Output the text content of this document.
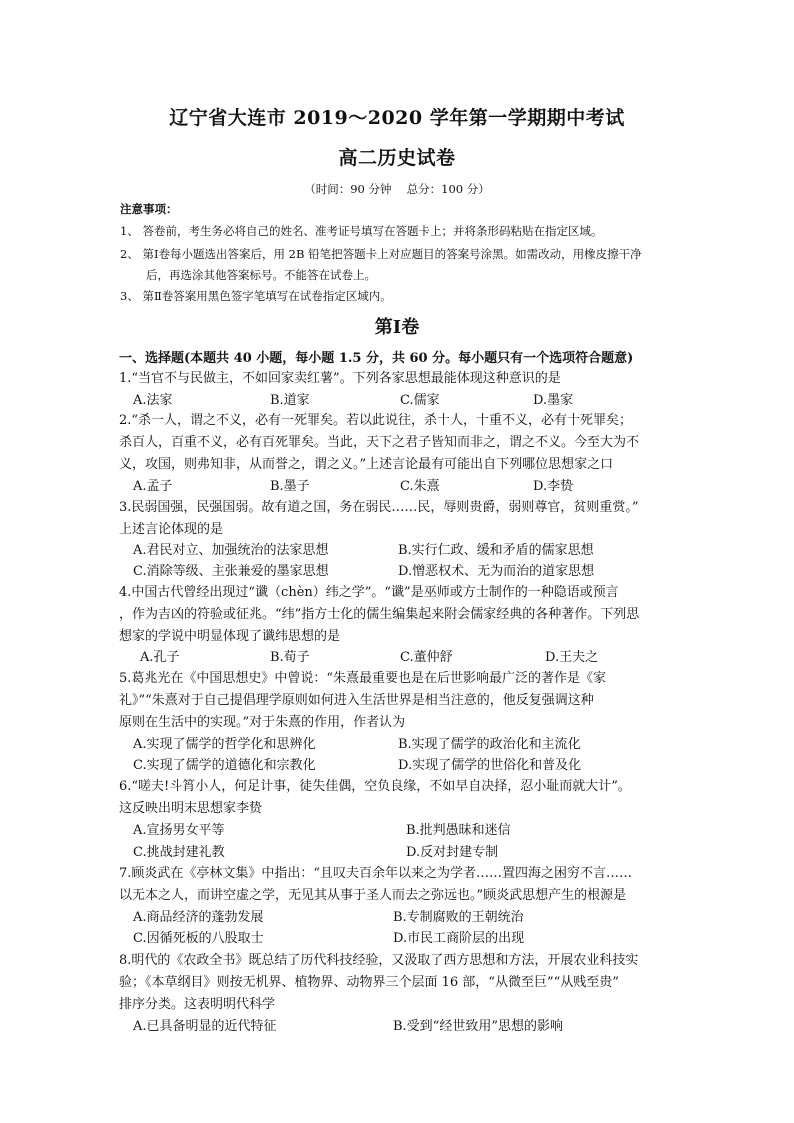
辽宁省大连市 2019～2020 学年第一学期期中考试
高二历史试卷
（时间：90 分钟　 总分：100 分）
注意事项：
1、 答卷前，考生务必将自己的姓名、准考证号填写在答题卡上；并将条形码粘贴在指定区域。
2、 第Ⅰ卷每小题选出答案后，用 2B 铅笔把答题卡上对应题目的答案号涂黑。如需改动，用橡皮擦干净
后，再选涂其他答案标号。不能答在试卷上。
3、 第Ⅱ卷答案用黑色签字笔填写在试卷指定区域内。
第Ⅰ卷
一、选择题(本题共 40 小题，每小题 1.5 分，共 60 分。每小题只有一个选项符合题意)
1.“当官不与民做主，不如回家卖红薯”。下列各家思想最能体现这种意识的是
A.法家	B.道家	C.儒家	D.墨家
2.“杀一人，谓之不义，必有一死罪矣。若以此说往，杀十人，十重不义，必有十死罪矣；
杀百人，百重不义，必有百死罪矣。当此，天下之君子皆知而非之，谓之不义。今至大为不
义，攻国，则弗知非，从而誉之，谓之义。”上述言论最有可能出自下列哪位思想家之口
A.孟子	B.墨子	C.朱熹	D.李贽
3.民弱国强，民强国弱。故有道之国，务在弱民……民，辱则贵爵，弱则尊官，贫则重赏。”
上述言论体现的是
A.君民对立、加强统治的法家思想	B.实行仁政、缓和矛盾的儒家思想
C.消除等级、主张兼爱的墨家思想	D.憎恶权术、无为而治的道家思想
4.中国古代曾经出现过“谶（chèn）纬之学”。“谶”是巫师或方士制作的一种隐语或预言
，作为吉凶的符验或征兆。“纬”指方士化的儒生编集起来附会儒家经典的各种著作。下列思
想家的学说中明显体现了谶纬思想的是
A.孔子	B.荀子	C.董仲舒	D.王夫之
5.葛兆光在《中国思想史》中曾说：“朱熹最重要也是在后世影响最广泛的著作是《家
礼》”“朱熹对于自己提倡理学原则如何进入生活世界是相当注意的，他反复强调这种
原则在生活中的实现。”对于朱熹的作用，作者认为
A.实现了儒学的哲学化和思辨化	B.实现了儒学的政治化和主流化
C.实现了儒学的道德化和宗教化	D.实现了儒学的世俗化和普及化
6.“嗟夫!斗筲小人，何足计事，徒失佳偶，空负良缘，不如早自决择，忍小耻而就大计”。
这反映出明末思想家李贽
A.宣扬男女平等	B.批判愚昧和迷信
C.挑战封建礼教	D.反对封建专制
7.顾炎武在《亭林文集》中指出：“且叹夫百余年以来之为学者……置四海之困穷不言……
以无本之人，而讲空虚之学，无见其从事于圣人而去之弥远也。”顾炎武思想产生的根源是
A.商品经济的蓬勃发展	B.专制腐败的王朝统治
C.因循死板的八股取士	D.市民工商阶层的出现
8.明代的《农政全书》既总结了历代科技经验，又汲取了西方思想和方法，开展农业科技实
验；《本草纲目》则按无机界、植物界、动物界三个层面 16 部，“从微至巨”“从贱至贵”
排序分类。这表明明代科学
A.已具备明显的近代特征	B.受到“经世致用”思想的影响
